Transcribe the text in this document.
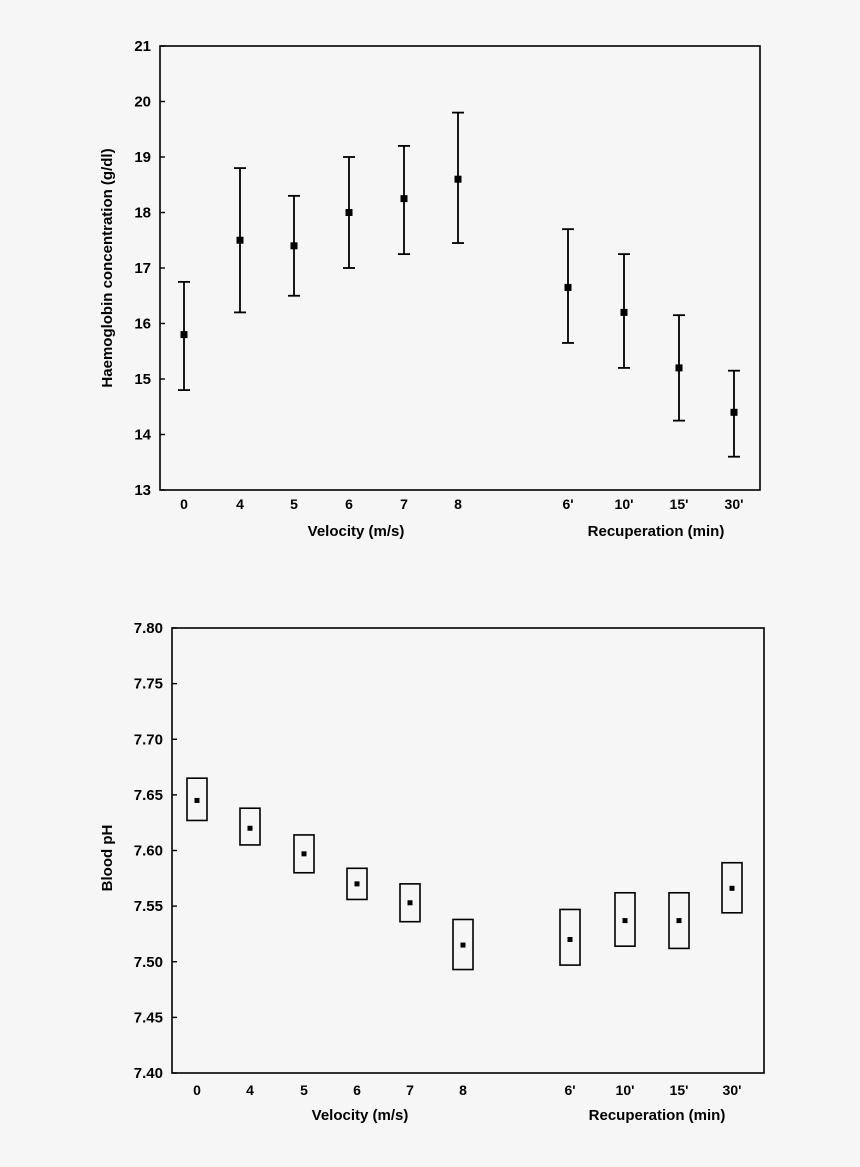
13
14
15
16
17
18
19
20
21
0	4	5	6	7	8	6'	10'	15'	30'
Haemoglobin concentration (g/dl)
Velocity (m/s)	Recuperation (min)
7.40
7.45
7.50
7.55
7.60
7.65
7.70
7.75
7.80
0	4	5	6	7	8	6'	10'	15' 30'
Blood pH
Velocity (m/s)	Recuperation (min)
